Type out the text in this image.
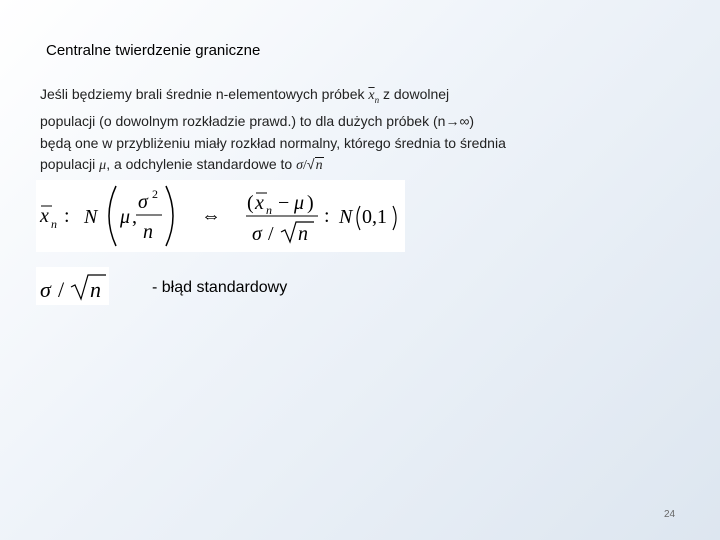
Centralne twierdzenie graniczne
Jeśli będziemy brali średnie n-elementowych próbek $\overline{x}_n$ z dowolnej
populacji (o dowolnym rozkładzie prawd.) to dla dużych próbek (n→∞)
będą one w przybliżeniu miały rozkład normalny, którego średnia to średnia
populacji μ, a odchylenie standardowe to σ/√n
x n : N μ ,
σ 2
n
⇔
( x n − μ )
σ / n
: N 0,1
σ / n	- błąd standardowy
24
